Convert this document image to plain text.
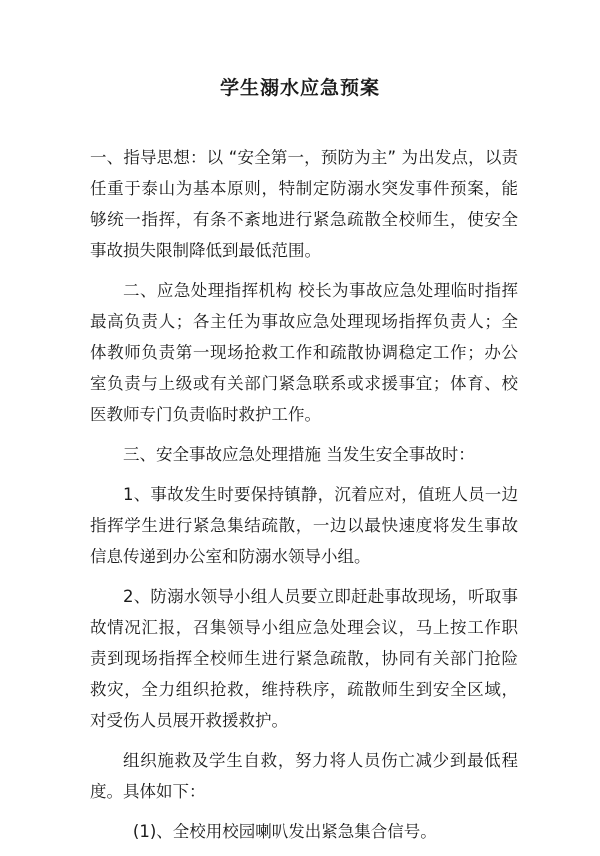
学生溺水应急预案

一、指导思想：以 “安全第一，预防为主” 为出发点，以责任重于泰山为基本原则，特制定防溺水突发事件预案，能够统一指挥，有条不紊地进行紧急疏散全校师生，使安全事故损失限制降低到最低范围。

二、应急处理指挥机构 校长为事故应急处理临时指挥最高负责人；各主任为事故应急处理现场指挥负责人；全体教师负责第一现场抢救工作和疏散协调稳定工作；办公室负责与上级或有关部门紧急联系或求援事宜；体育、校医教师专门负责临时救护工作。

三、安全事故应急处理措施 当发生安全事故时：

1、事故发生时要保持镇静，沉着应对，值班人员一边指挥学生进行紧急集结疏散，一边以最快速度将发生事故信息传递到办公室和防溺水领导小组。

2、防溺水领导小组人员要立即赶赴事故现场，听取事故情况汇报，召集领导小组应急处理会议，马上按工作职责到现场指挥全校师生进行紧急疏散，协同有关部门抢险救灾，全力组织抢救，维持秩序，疏散师生到安全区域，对受伤人员展开救援救护。

组织施救及学生自救，努力将人员伤亡减少到最低程度。具体如下：

(1)、全校用校园喇叭发出紧急集合信号。
